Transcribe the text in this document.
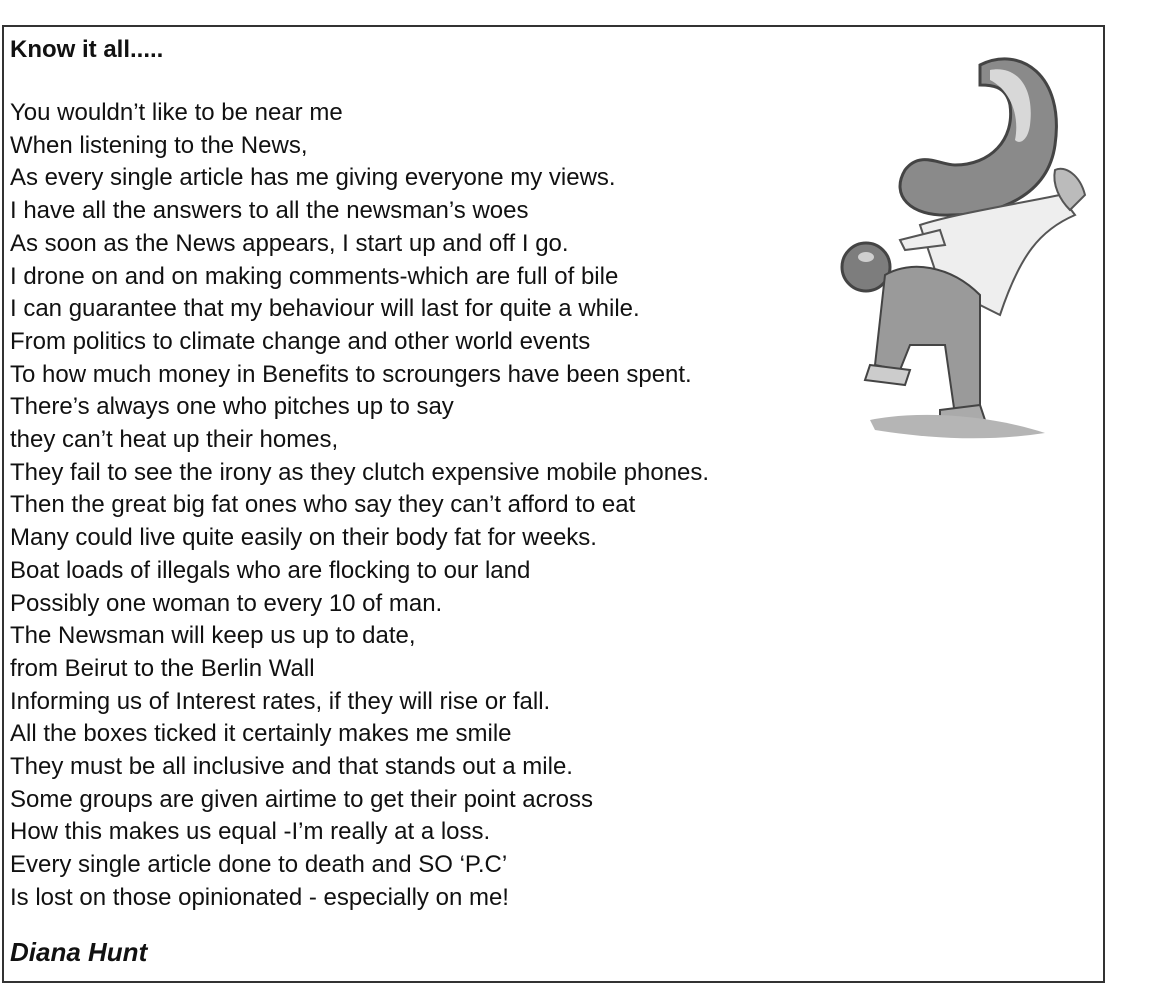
Know it all.....
You wouldn’t like to be near me
When listening to the News,
As every single article has me giving everyone my views.
I have all the answers to all the newsman’s woes
As soon as the News appears, I start up and off I go.
I drone on and on making comments-which are full of bile
I can guarantee that my behaviour will last for quite a while.
From politics to climate change and other world events
To how much money in Benefits to scroungers have been spent.
There’s always one who pitches up to say
they can’t heat up their homes,
They fail to see the irony as they clutch expensive mobile phones.
Then the great big fat ones who say they can’t afford to eat
Many could live quite easily on their body fat for weeks.
Boat loads of illegals who are flocking to our land
Possibly one woman to every 10 of man.
The Newsman will keep us up to date,
from Beirut to the Berlin Wall
Informing us of Interest rates, if they will rise or fall.
All the boxes ticked it certainly makes me smile
They must be all inclusive and that stands out a mile.
Some groups are given airtime to get their point across
How this makes us equal -I’m really at a loss.
Every single article done to death and SO ‘P.C’
Is lost on those opinionated - especially on me!
Diana Hunt
